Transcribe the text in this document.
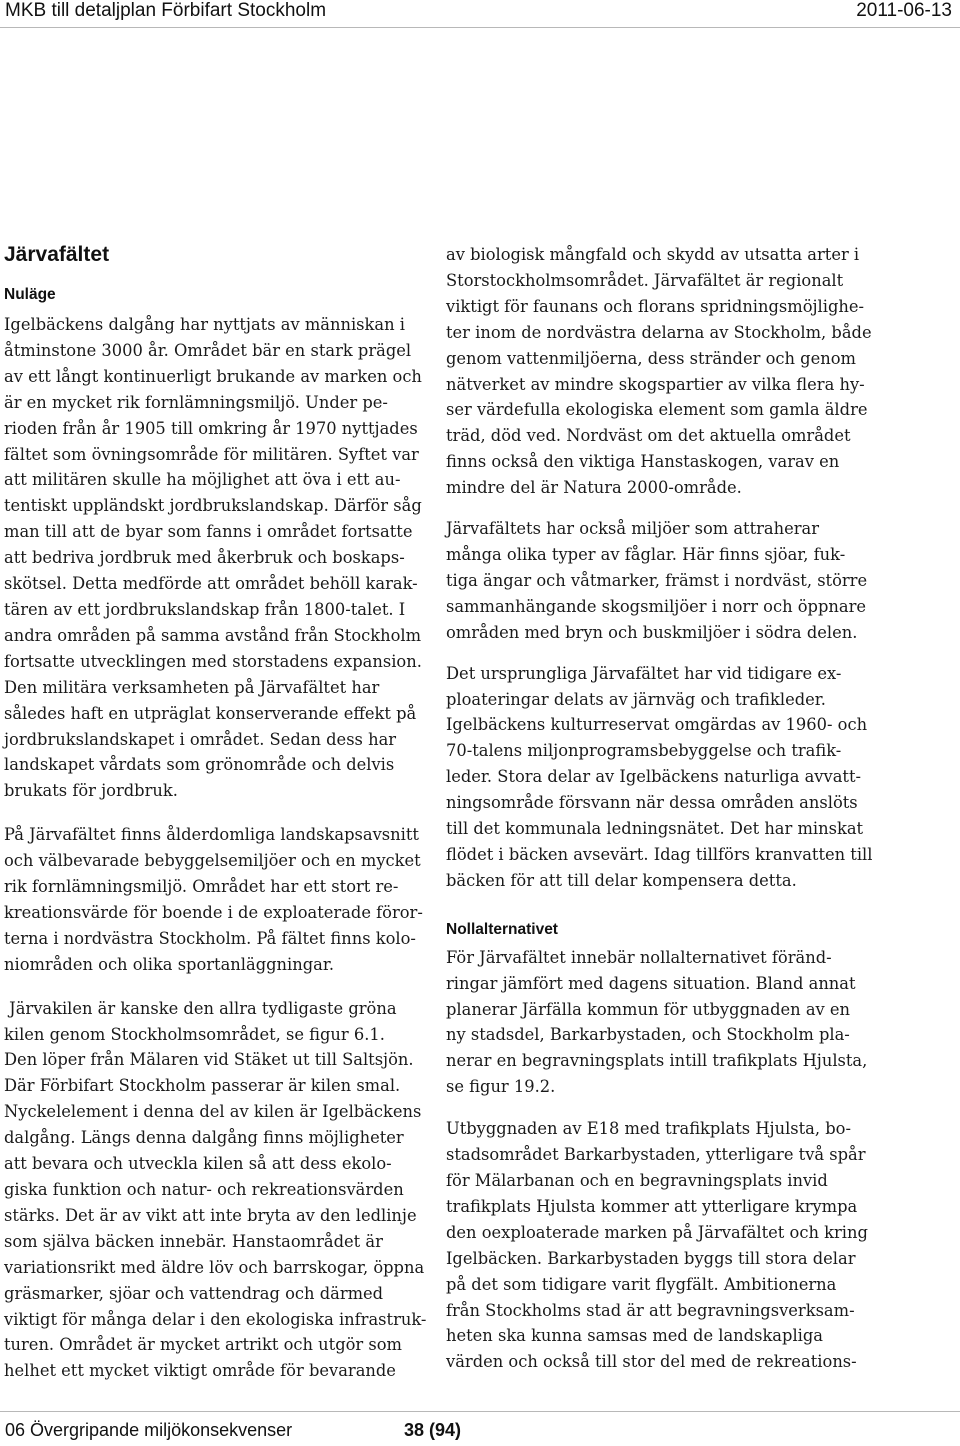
MKB till detaljplan Förbifart Stockholm	2011-06-13
Järvafältet
Nuläge
Igelbäckens dalgång har nyttjats av människan i
åtminstone 3000 år. Området bär en stark prägel
av ett långt kontinuerligt brukande av marken och
är en mycket rik fornlämningsmiljö. Under pe-
rioden från år 1905 till omkring år 1970 nyttjades
fältet som övningsområde för militären. Syftet var
att militären skulle ha möjlighet att öva i ett au-
tentiskt uppländskt jordbrukslandskap. Därför såg
man till att de byar som fanns i området fortsatte
att bedriva jordbruk med åkerbruk och boskaps-
skötsel. Detta medförde att området behöll karak-
tären av ett jordbrukslandskap från 1800-talet. I
andra områden på samma avstånd från Stockholm
fortsatte utvecklingen med storstadens expansion.
Den militära verksamheten på Järvafältet har
således haft en utpräglat konserverande effekt på
jordbrukslandskapet i området. Sedan dess har
landskapet vårdats som grönområde och delvis
brukats för jordbruk.
På Järvafältet finns ålderdomliga landskapsavsnitt
och välbevarade bebyggelsemiljöer och en mycket
rik fornlämningsmiljö. Området har ett stort re-
kreationsvärde för boende i de exploaterade föror-
terna i nordvästra Stockholm. På fältet finns kolo-
niområden och olika sportanläggningar.
Järvakilen är kanske den allra tydligaste gröna
kilen genom Stockholmsområdet, se figur 6.1.
Den löper från Mälaren vid Stäket ut till Saltsjön.
Där Förbifart Stockholm passerar är kilen smal.
Nyckelelement i denna del av kilen är Igelbäckens
dalgång. Längs denna dalgång finns möjligheter
att bevara och utveckla kilen så att dess ekolo-
giska funktion och natur- och rekreationsvärden
stärks. Det är av vikt att inte bryta av den ledlinje
som själva bäcken innebär. Hanstaområdet är
variationsrikt med äldre löv och barrskogar, öppna
gräsmarker, sjöar och vattendrag och därmed
viktigt för många delar i den ekologiska infrastruk-
turen. Området är mycket artrikt och utgör som
helhet ett mycket viktigt område för bevarande
av biologisk mångfald och skydd av utsatta arter i
Storstockholmsområdet. Järvafältet är regionalt
viktigt för faunans och florans spridningsmöjlighe-
ter inom de nordvästra delarna av Stockholm, både
genom vattenmiljöerna, dess stränder och genom
nätverket av mindre skogspartier av vilka flera hy-
ser värdefulla ekologiska element som gamla äldre
träd, död ved. Nordväst om det aktuella området
finns också den viktiga Hanstaskogen, varav en
mindre del är Natura 2000-område.
Järvafältets har också miljöer som attraherar
många olika typer av fåglar. Här finns sjöar, fuk-
tiga ängar och våtmarker, främst i nordväst, större
sammanhängande skogsmiljöer i norr och öppnare
områden med bryn och buskmiljöer i södra delen.
Det ursprungliga Järvafältet har vid tidigare ex-
ploateringar delats av järnväg och trafikleder.
Igelbäckens kulturreservat omgärdas av 1960- och
70-talens miljonprogramsbebyggelse och trafik-
leder. Stora delar av Igelbäckens naturliga avvatt-
ningsområde försvann när dessa områden anslöts
till det kommunala ledningsnätet. Det har minskat
flödet i bäcken avsevärt. Idag tillförs kranvatten till
bäcken för att till delar kompensera detta.
Nollalternativet
För Järvafältet innebär nollalternativet föränd-
ringar jämfört med dagens situation. Bland annat
planerar Järfälla kommun för utbyggnaden av en
ny stadsdel, Barkarbystaden, och Stockholm pla-
nerar en begravningsplats intill trafikplats Hjulsta,
se figur 19.2.
Utbyggnaden av E18 med trafikplats Hjulsta, bo-
stadsområdet Barkarbystaden, ytterligare två spår
för Mälarbanan och en begravningsplats invid
trafikplats Hjulsta kommer att ytterligare krympa
den oexploaterade marken på Järvafältet och kring
Igelbäcken. Barkarbystaden byggs till stora delar
på det som tidigare varit flygfält. Ambitionerna
från Stockholms stad är att begravningsverksam-
heten ska kunna samsas med de landskapliga
värden och också till stor del med de rekreations-
06 Övergripande miljökonsekvenser	38 (94)
